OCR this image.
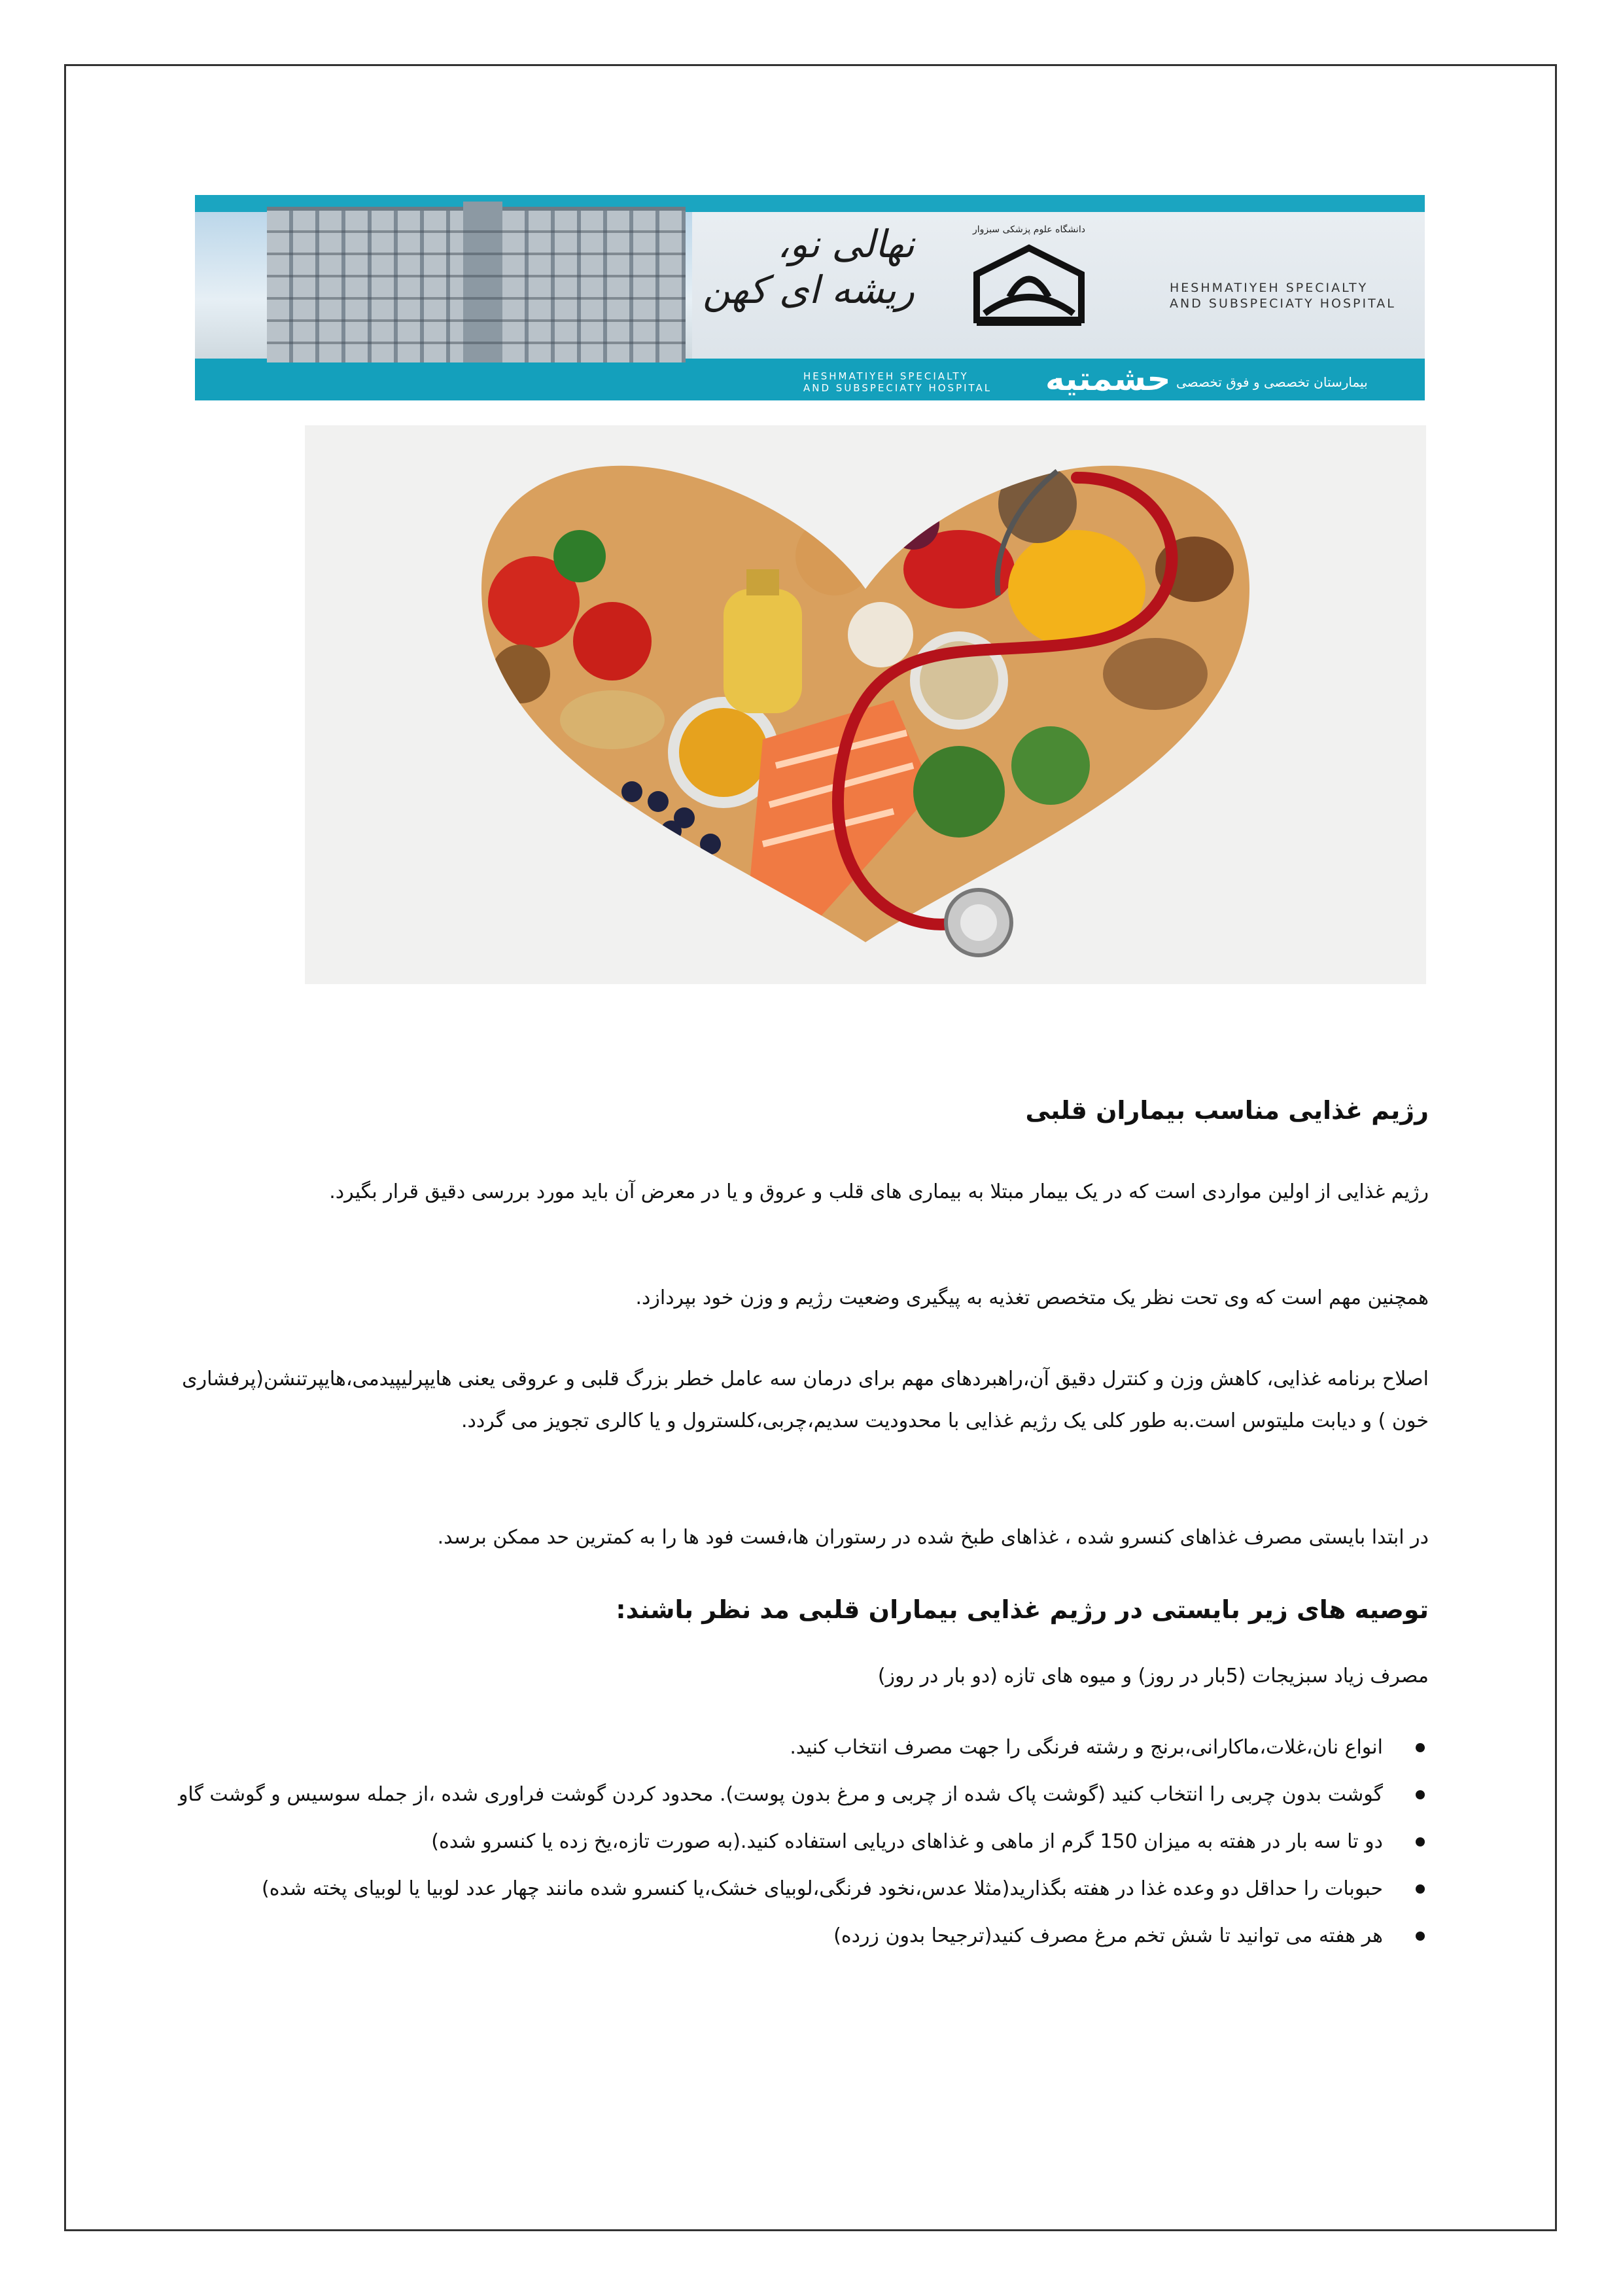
نهالی نو،
ریشه ای کهن
دانشگاه علوم پزشکی سبزوار
HESHMATIYEH SPECIALTY
AND SUBSPECIATY HOSPITAL
HESHMATIYEH SPECIALTY
AND SUBSPECIATY HOSPITAL حشمتیه بیمارستان تخصصی و فوق تخصصی
رژیم غذایی مناسب بیماران قلبی
رژیم غذایی از اولین مواردی است که در یک بیمار مبتلا به بیماری های قلب و عروق و یا در معرض آن باید مورد بررسی دقیق قرار بگیرد.
همچنین مهم است که وی تحت نظر یک متخصص تغذیه به پیگیری وضعیت رژیم و وزن خود بپردازد.
اصلاح برنامه غذایی، کاهش وزن و کنترل دقیق آن،راهبردهای مهم برای درمان سه عامل خطر بزرگ قلبی و عروقی یعنی هایپرلیپیدمی،هایپرتنشن(پرفشاری خون ) و دیابت ملیتوس است.به طور کلی یک رژیم غذایی با محدودیت سدیم،چربی،کلسترول و یا کالری تجویز می گردد.
در ابتدا بایستی مصرف غذاهای کنسرو شده ، غذاهای طبخ شده در رستوران ها،فست فود ها را به کمترین حد ممکن برسد.
توصیه های زیر بایستی در رژیم غذایی بیماران قلبی مد نظر باشند:
مصرف زیاد سبزیجات (5بار در روز) و میوه های تازه (دو بار در روز)
انواع نان،غلات،ماکارانی،برنج و رشته فرنگی را جهت مصرف انتخاب کنید.
گوشت بدون چربی را انتخاب کنید (گوشت پاک شده از چربی و مرغ بدون پوست). محدود کردن گوشت فراوری شده ،از جمله سوسیس و گوشت گاو
دو تا سه بار در هفته به میزان 150 گرم از ماهی و غذاهای دریایی استفاده کنید.(به صورت تازه،یخ زده یا کنسرو شده)
حبوبات را حداقل دو وعده غذا در هفته بگذارید(مثلا عدس،نخود فرنگی،لوبیای خشک،یا کنسرو شده مانند چهار عدد لوبیا یا لوبیای پخته شده)
هر هفته می توانید تا شش تخم مرغ مصرف کنید(ترجیحا بدون زرده)
